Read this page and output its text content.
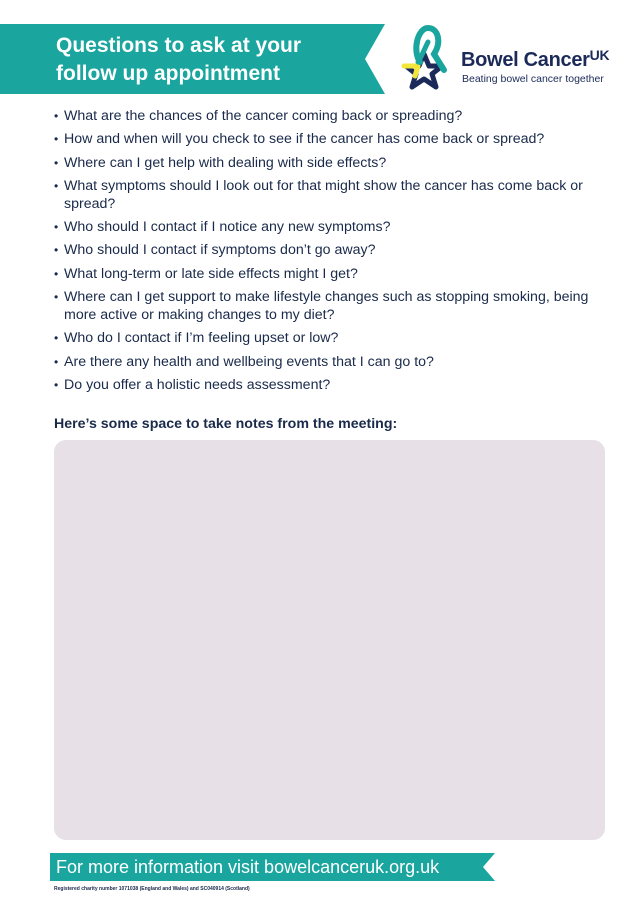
Questions to ask at your
follow up appointment
Bowel Cancer$^{UK}$
Beating bowel cancer together
• What are the chances of the cancer coming back or spreading?
• How and when will you check to see if the cancer has come back or spread?
• Where can I get help with dealing with side effects?
• What symptoms should I look out for that might show the cancer has come back or spread?
• Who should I contact if I notice any new symptoms?
• Who should I contact if symptoms don’t go away?
• What long-term or late side effects might I get?
• Where can I get support to make lifestyle changes such as stopping smoking, being more active or making changes to my diet?
• Who do I contact if I’m feeling upset or low?
• Are there any health and wellbeing events that I can go to?
• Do you offer a holistic needs assessment?

Here’s some space to take notes from the meeting:

For more information visit bowelcanceruk.org.uk
Registered charity number 1071038 (England and Wales) and SC040914 (Scotland)
